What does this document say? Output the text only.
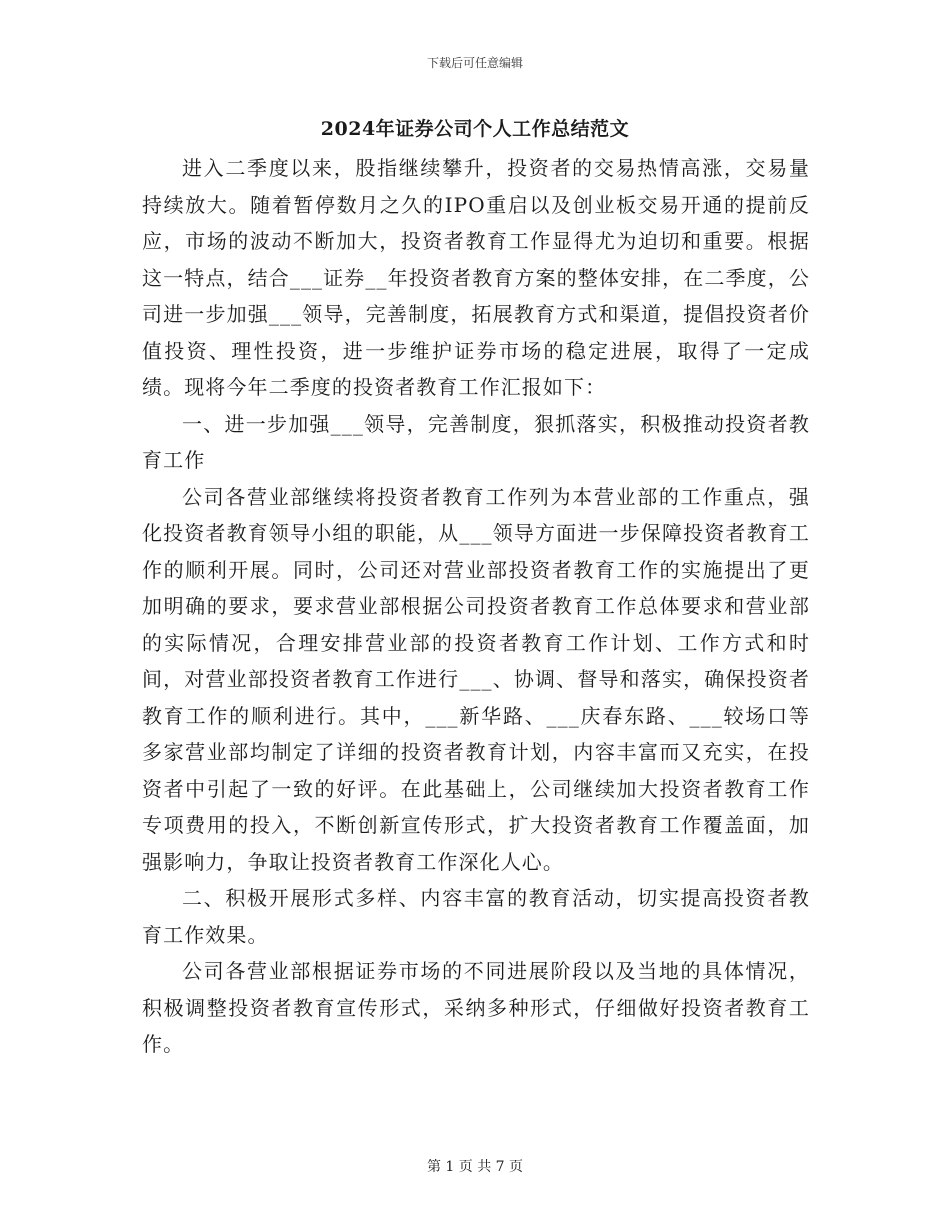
下载后可任意编辑
2024年证券公司个人工作总结范文

进入二季度以来，股指继续攀升，投资者的交易热情高涨，交易量持续放大。随着暂停数月之久的IPO重启以及创业板交易开通的提前反应，市场的波动不断加大，投资者教育工作显得尤为迫切和重要。根据这一特点，结合___证券__年投资者教育方案的整体安排，在二季度，公司进一步加强___领导，完善制度，拓展教育方式和渠道，提倡投资者价值投资、理性投资，进一步维护证券市场的稳定进展，取得了一定成绩。现将今年二季度的投资者教育工作汇报如下：

一、进一步加强___领导，完善制度，狠抓落实，积极推动投资者教育工作

公司各营业部继续将投资者教育工作列为本营业部的工作重点，强化投资者教育领导小组的职能，从___领导方面进一步保障投资者教育工作的顺利开展。同时，公司还对营业部投资者教育工作的实施提出了更加明确的要求，要求营业部根据公司投资者教育工作总体要求和营业部的实际情况，合理安排营业部的投资者教育工作计划、工作方式和时间，对营业部投资者教育工作进行___、协调、督导和落实，确保投资者教育工作的顺利进行。其中，___新华路、___庆春东路、___较场口等多家营业部均制定了详细的投资者教育计划，内容丰富而又充实，在投资者中引起了一致的好评。在此基础上，公司继续加大投资者教育工作专项费用的投入，不断创新宣传形式，扩大投资者教育工作覆盖面，加强影响力，争取让投资者教育工作深化人心。

二、积极开展形式多样、内容丰富的教育活动，切实提高投资者教育工作效果。

公司各营业部根据证券市场的不同进展阶段以及当地的具体情况，积极调整投资者教育宣传形式，采纳多种形式，仔细做好投资者教育工作。

第 1 页 共 7 页
